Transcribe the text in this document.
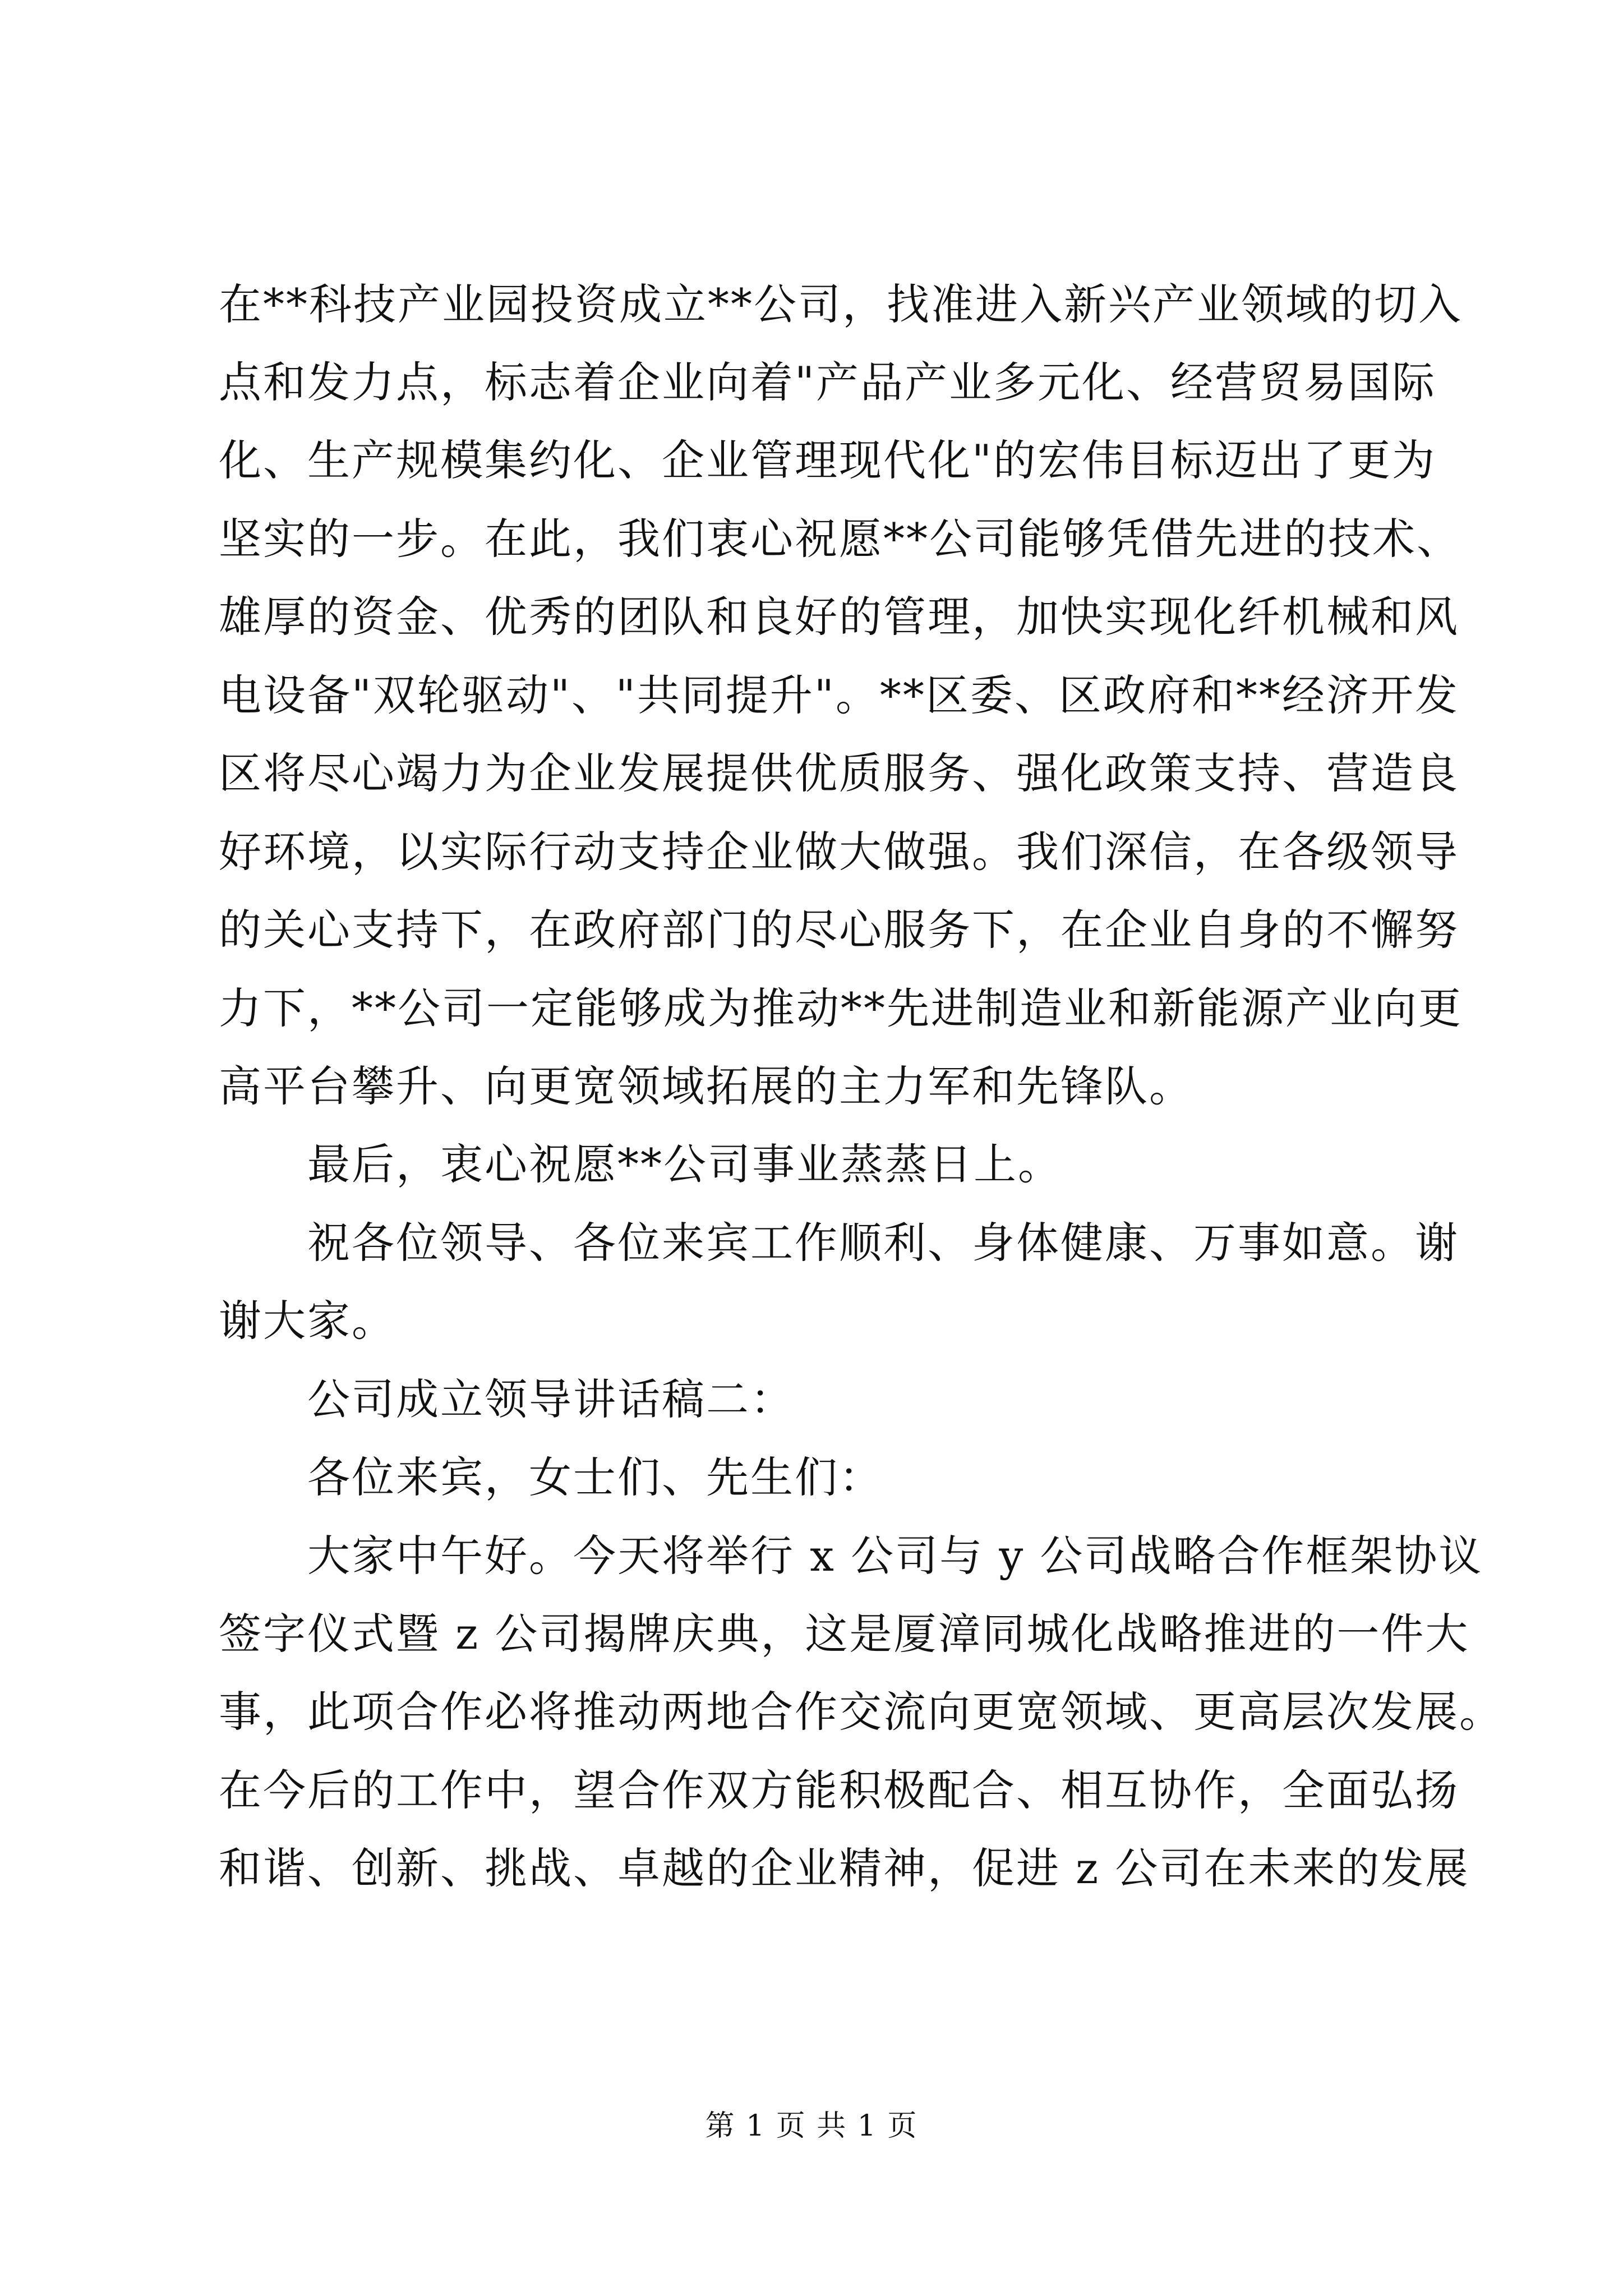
在**科技产业园投资成立**公司，找准进入新兴产业领域的切入
点和发力点，标志着企业向着"产品产业多元化、经营贸易国际
化、生产规模集约化、企业管理现代化"的宏伟目标迈出了更为
坚实的一步。在此，我们衷心祝愿**公司能够凭借先进的技术、
雄厚的资金、优秀的团队和良好的管理，加快实现化纤机械和风
电设备"双轮驱动"、"共同提升"。**区委、区政府和**经济开发
区将尽心竭力为企业发展提供优质服务、强化政策支持、营造良
好环境，以实际行动支持企业做大做强。我们深信，在各级领导
的关心支持下，在政府部门的尽心服务下，在企业自身的不懈努
力下，**公司一定能够成为推动**先进制造业和新能源产业向更
高平台攀升、向更宽领域拓展的主力军和先锋队。
　　最后，衷心祝愿**公司事业蒸蒸日上。
　　祝各位领导、各位来宾工作顺利、身体健康、万事如意。谢
谢大家。
　　公司成立领导讲话稿二：
　　各位来宾，女士们、先生们：
　　大家中午好。今天将举行 x 公司与 y 公司战略合作框架协议
签字仪式暨 z 公司揭牌庆典，这是厦漳同城化战略推进的一件大
事，此项合作必将推动两地合作交流向更宽领域、更高层次发展。
在今后的工作中，望合作双方能积极配合、相互协作，全面弘扬
和谐、创新、挑战、卓越的企业精神，促进 z 公司在未来的发展
第 1 页 共 1 页
